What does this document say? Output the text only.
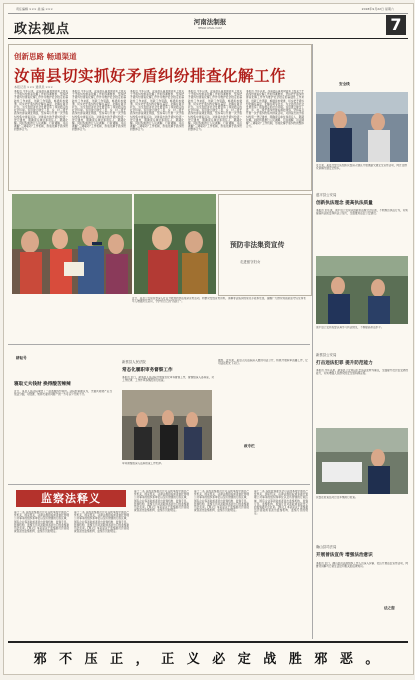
责任编辑 ××× 美 编 ×××	2018年9月22日 星期六
政法视点	河南法制报
HENAN LEGAL DAILY	7
创新思路 畅通渠道
汝南县切实抓好矛盾纠纷排查化解工作
本报记者 ××× 通讯员 ×××
本报讯 今年以来，汝南县认真贯彻落实上级关于矛盾纠纷排查化解工作的部署要求，坚持把矛盾纠纷排查化解工作作为维护社会稳定的基础性工作来抓，创新工作思路，畅通诉求渠道，切实把矛盾纠纷化解在基层、化解在萌芽状态，为全县经济社会发展营造了和谐稳定的社会环境。该县建立健全了县、乡、村三级矛盾纠纷排查调处网络，坚持每月开展一次矛盾纠纷集中排查活动，对排查出的矛盾纠纷逐一登记建档，明确责任单位和责任人，限期化解。同时积极推行人民调解、行政调解、司法调解“三调联动”工作机制，形成化解矛盾纠纷的整体合力。
本报讯 今年以来，汝南县认真贯彻落实上级关于矛盾纠纷排查化解工作的部署要求，坚持把矛盾纠纷排查化解工作作为维护社会稳定的基础性工作来抓，创新工作思路，畅通诉求渠道，切实把矛盾纠纷化解在基层、化解在萌芽状态，为全县经济社会发展营造了和谐稳定的社会环境。该县建立健全了县、乡、村三级矛盾纠纷排查调处网络，坚持每月开展一次矛盾纠纷集中排查活动，对排查出的矛盾纠纷逐一登记建档，明确责任单位和责任人，限期化解。同时积极推行人民调解、行政调解、司法调解“三调联动”工作机制，形成化解矛盾纠纷的整体合力。
本报讯 今年以来，汝南县认真贯彻落实上级关于矛盾纠纷排查化解工作的部署要求，坚持把矛盾纠纷排查化解工作作为维护社会稳定的基础性工作来抓，创新工作思路，畅通诉求渠道，切实把矛盾纠纷化解在基层、化解在萌芽状态，为全县经济社会发展营造了和谐稳定的社会环境。该县建立健全了县、乡、村三级矛盾纠纷排查调处网络，坚持每月开展一次矛盾纠纷集中排查活动，对排查出的矛盾纠纷逐一登记建档，明确责任单位和责任人，限期化解。同时积极推行人民调解、行政调解、司法调解“三调联动”工作机制，形成化解矛盾纠纷的整体合力。
本报讯 今年以来，汝南县认真贯彻落实上级关于矛盾纠纷排查化解工作的部署要求，坚持把矛盾纠纷排查化解工作作为维护社会稳定的基础性工作来抓，创新工作思路，畅通诉求渠道，切实把矛盾纠纷化解在基层、化解在萌芽状态，为全县经济社会发展营造了和谐稳定的社会环境。该县建立健全了县、乡、村三级矛盾纠纷排查调处网络，坚持每月开展一次矛盾纠纷集中排查活动，对排查出的矛盾纠纷逐一登记建档，明确责任单位和责任人，限期化解。同时积极推行人民调解、行政调解、司法调解“三调联动”工作机制，形成化解矛盾纠纷的整体合力。
本报讯 今年以来，汝南县认真贯彻落实上级关于矛盾纠纷排查化解工作的部署要求，坚持把矛盾纠纷排查化解工作作为维护社会稳定的基础性工作来抓，创新工作思路，畅通诉求渠道，切实把矛盾纠纷化解在基层、化解在萌芽状态，为全县经济社会发展营造了和谐稳定的社会环境。该县建立健全了县、乡、村三级矛盾纠纷排查调处网络，坚持每月开展一次矛盾纠纷集中排查活动，对排查出的矛盾纠纷逐一登记建档，明确责任单位和责任人，限期化解。同时积极推行人民调解、行政调解、司法调解“三调联动”工作机制，形成化解矛盾纠纷的整体合力。
预防非法集资宣传
走进留守妇女
近日，某县公安局民警深入社区开展预防非法集资宣传活动，向群众发放宣传资料，讲解非法集资的常见手段和危害，提醒广大群众特别是留守妇女和老年人增强防范意识，守护好自己的“钱袋子”。
安全线
连日来，某县交警大队组织民警深入辖区开展道路交通安全宣传活动，向过往群众讲解交通安全知识。
遂平县公安局
创新执法理念 提高执法质量
本报讯 近年来，遂平县公安局以创新执法理念为引领，不断规范执法行为，切实提高执法质量和执法公信力，全面推进法治公安建设。
遂平县公安局民警认真学习执法规范，不断提高执法水平。
新蔡县公安局
打击违法犯罪 提升防范能力
本报讯 今年以来，新蔡县公安局以打击违法犯罪为重点，全面提升社会治安防控能力，切实增强人民群众的安全感和满意度。
民警在检查站对过往车辆进行检查。
确山县司法局
开展普法宣传 增强法治意识
本报讯 近日，确山县司法局组织工作人员深入乡镇、社区开展法治宣传活动，向群众讲解与日常生活密切相关的法律知识。
法之窗
耕耘号
寝取丈夫钱财 换得酸苦辣辣
近日，某县人民法院审结了一起离婚纠纷案件。法院经审理认为，夫妻共同财产应当依法分割，对隐匿、转移夫妻共同财产的一方可以少分或不分。
新蔡县人民法院
常态化履职审务督察工作
本报讯 近日，新蔡县人民法院开展常态化审务督察工作，督察组深入各庭室，对工作纪律、工作作风等情况进行检查。
审务督察组深入法庭检查工作纪律。
政专栏
据悉，近年来，某县人民法院深入推进司法公开，积极开展庭审直播工作，让司法在阳光下运行。
监察法释义
第十二条 各级监察委员会可以向本级中国共产党机关、国家机关、法律法规授权或者委托管理公共事务的组织和单位以及所管辖的行政区域、国有企业等派驻或者派出监察机构、监察专员。监察机构、监察专员对派驻或者派出它的监察委员会负责。【释义】本条是关于监察委员会派驻或者派出监察机构、监察专员的规定。
第十二条 各级监察委员会可以向本级中国共产党机关、国家机关、法律法规授权或者委托管理公共事务的组织和单位以及所管辖的行政区域、国有企业等派驻或者派出监察机构、监察专员。监察机构、监察专员对派驻或者派出它的监察委员会负责。【释义】本条是关于监察委员会派驻或者派出监察机构、监察专员的规定。
第十二条 各级监察委员会可以向本级中国共产党机关、国家机关、法律法规授权或者委托管理公共事务的组织和单位以及所管辖的行政区域、国有企业等派驻或者派出监察机构、监察专员。监察机构、监察专员对派驻或者派出它的监察委员会负责。【释义】本条是关于监察委员会派驻或者派出监察机构、监察专员的规定。
第十二条 各级监察委员会可以向本级中国共产党机关、国家机关、法律法规授权或者委托管理公共事务的组织和单位以及所管辖的行政区域、国有企业等派驻或者派出监察机构、监察专员。监察机构、监察专员对派驻或者派出它的监察委员会负责。【释义】本条是关于监察委员会派驻或者派出监察机构、监察专员的规定。
第十二条 各级监察委员会可以向本级中国共产党机关、国家机关、法律法规授权或者委托管理公共事务的组织和单位以及所管辖的行政区域、国有企业等派驻或者派出监察机构、监察专员。监察机构、监察专员对派驻或者派出它的监察委员会负责。【释义】本条是关于监察委员会派驻或者派出监察机构、监察专员的规定。
邪 不 压 正 ， 正 义 必 定 战 胜 邪 恶 。
